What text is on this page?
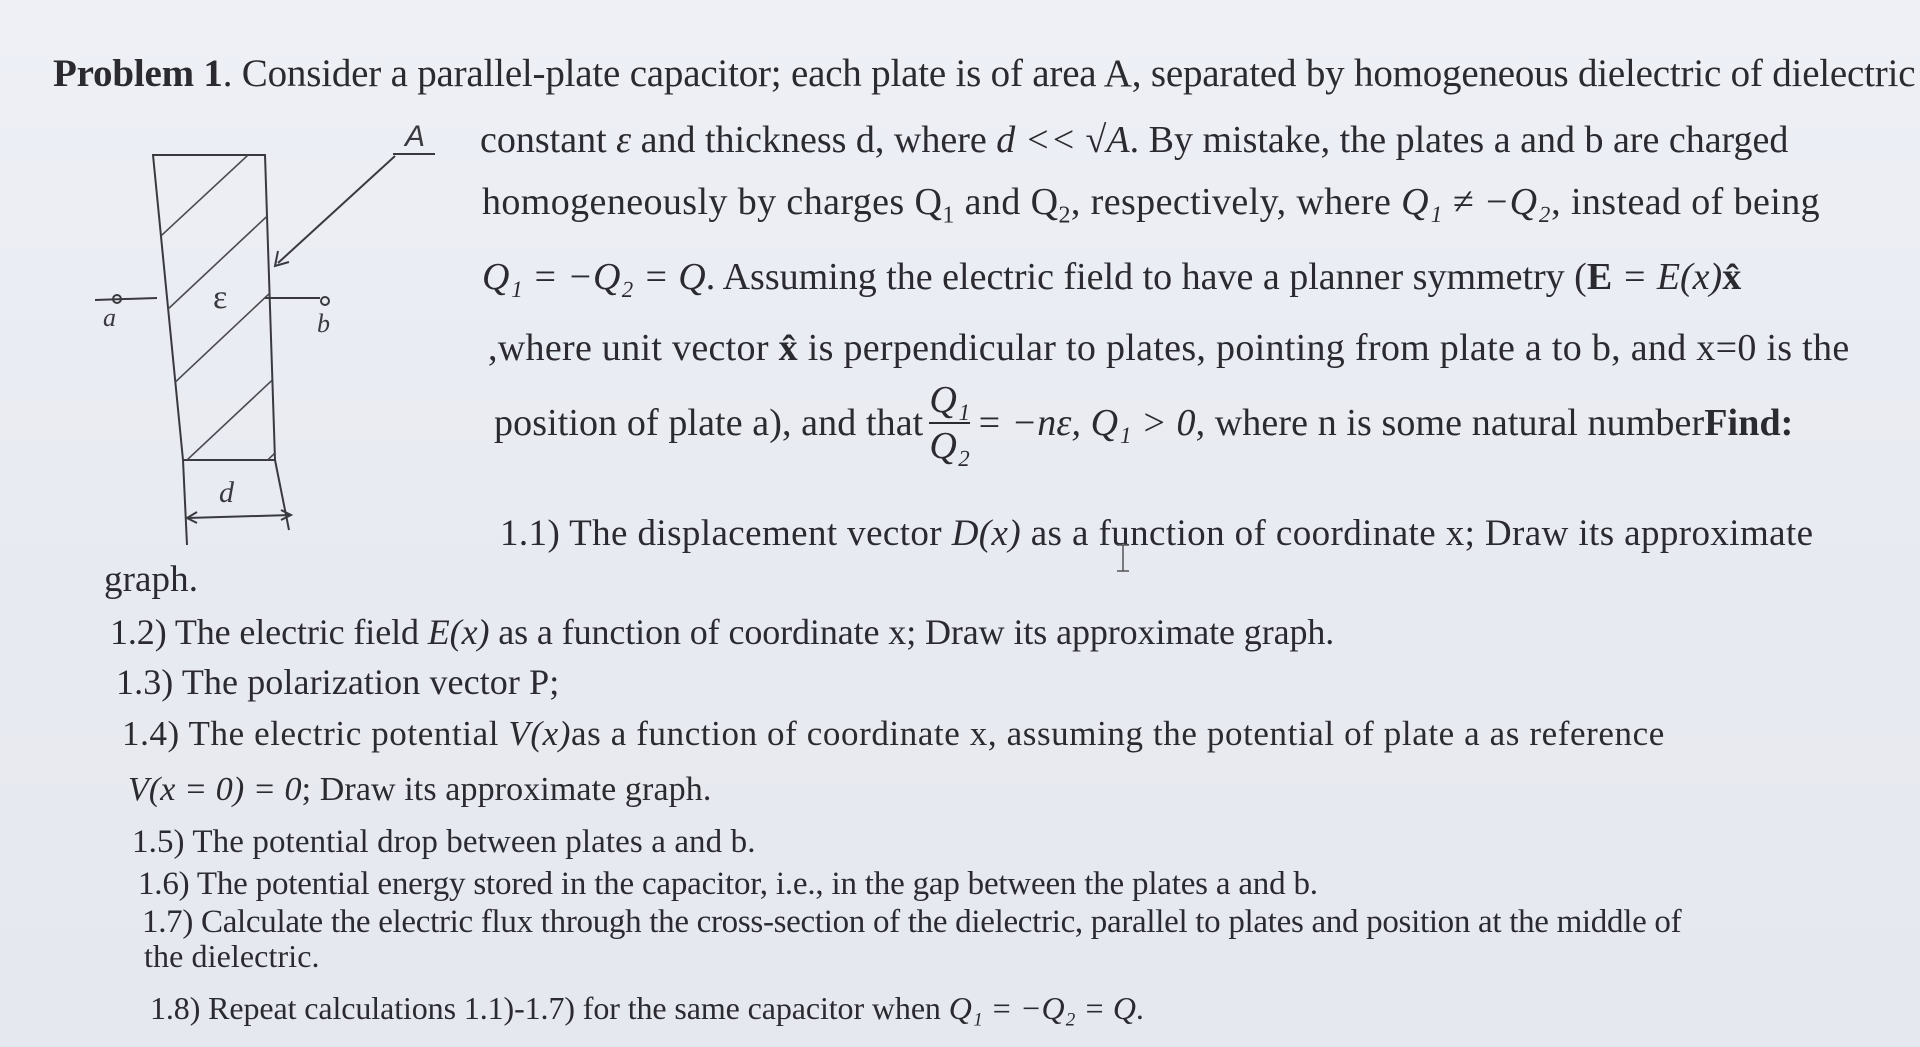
Problem 1. Consider a parallel-plate capacitor; each plate is of area A, separated by homogeneous dielectric of dielectric
constant ε and thickness d, where d << √A. By mistake, the plates a and b are charged
homogeneously by charges $Q_1$ and $Q_2$, respectively, where Q₁ ≠ −Q₂, instead of being
Q₁ = −Q₂ = Q. Assuming the electric field to have a planner symmetry (E = E(x)x̂
,where unit vector x̂ is perpendicular to plates, pointing from plate a to b, and x=0 is the
position of plate a), and that $\frac{\text{Q₁}}{\text{Q₂}} = -n\varepsilon$, Q₁ > 0, where n is some natural numberFind:
1.1) The displacement vector D(x) as a function of coordinate x; Draw its approximate
graph.
1.2) The electric field E(x) as a function of coordinate x; Draw its approximate graph.
1.3) The polarization vector P;
1.4) The electric potential V(x)as a function of coordinate x, assuming the potential of plate a as reference
V(x = 0) = 0; Draw its approximate graph.
1.5) The potential drop between plates a and b.
1.6) The potential energy stored in the capacitor, i.e., in the gap between the plates a and b.
1.7) Calculate the electric flux through the cross-section of the dielectric, parallel to plates and position at the middle of
the dielectric.
1.8) Repeat calculations 1.1)-1.7) for the same capacitor when Q₁ = −Q₂ = Q.
ε
a	b
A
d
